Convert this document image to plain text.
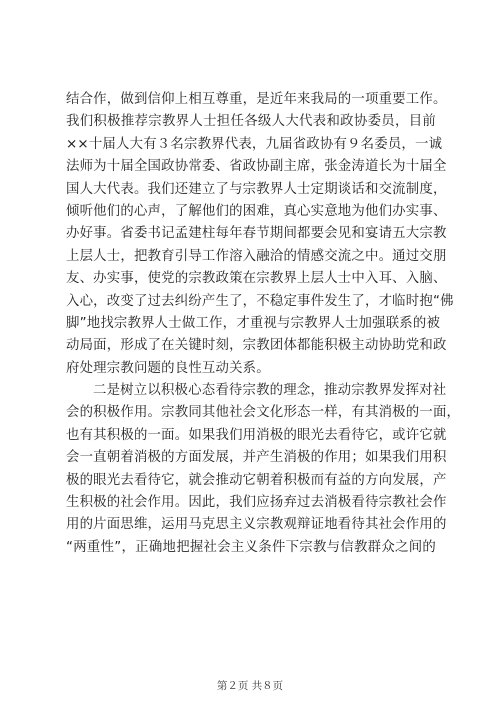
结合作，做到信仰上相互尊重，是近年来我局的一项重要工作。
我们积极推荐宗教界人士担任各级人大代表和政协委员，目前
××十届人大有３名宗教界代表，九届省政协有９名委员，一诚
法师为十届全国政协常委、省政协副主席，张金涛道长为十届全
国人大代表。我们还建立了与宗教界人士定期谈话和交流制度，
倾听他们的心声，了解他们的困难，真心实意地为他们办实事、
办好事。省委书记孟建柱每年春节期间都要会见和宴请五大宗教
上层人士，把教育引导工作溶入融洽的情感交流之中。通过交朋
友、办实事，使党的宗教政策在宗教界上层人士中入耳、入脑、
入心，改变了过去纠纷产生了，不稳定事件发生了，才临时抱“佛
脚”地找宗教界人士做工作，才重视与宗教界人士加强联系的被
动局面，形成了在关键时刻，宗教团体都能积极主动协助党和政
府处理宗教问题的良性互动关系。
二是树立以积极心态看待宗教的理念，推动宗教界发挥对社
会的积极作用。宗教同其他社会文化形态一样，有其消极的一面，
也有其积极的一面。如果我们用消极的眼光去看待它，或许它就
会一直朝着消极的方面发展，并产生消极的作用；如果我们用积
极的眼光去看待它，就会推动它朝着积极而有益的方向发展，产
生积极的社会作用。因此，我们应扬弃过去消极看待宗教社会作
用的片面思维，运用马克思主义宗教观辩证地看待其社会作用的
“两重性”，正确地把握社会主义条件下宗教与信教群众之间的
第２页 共８页
